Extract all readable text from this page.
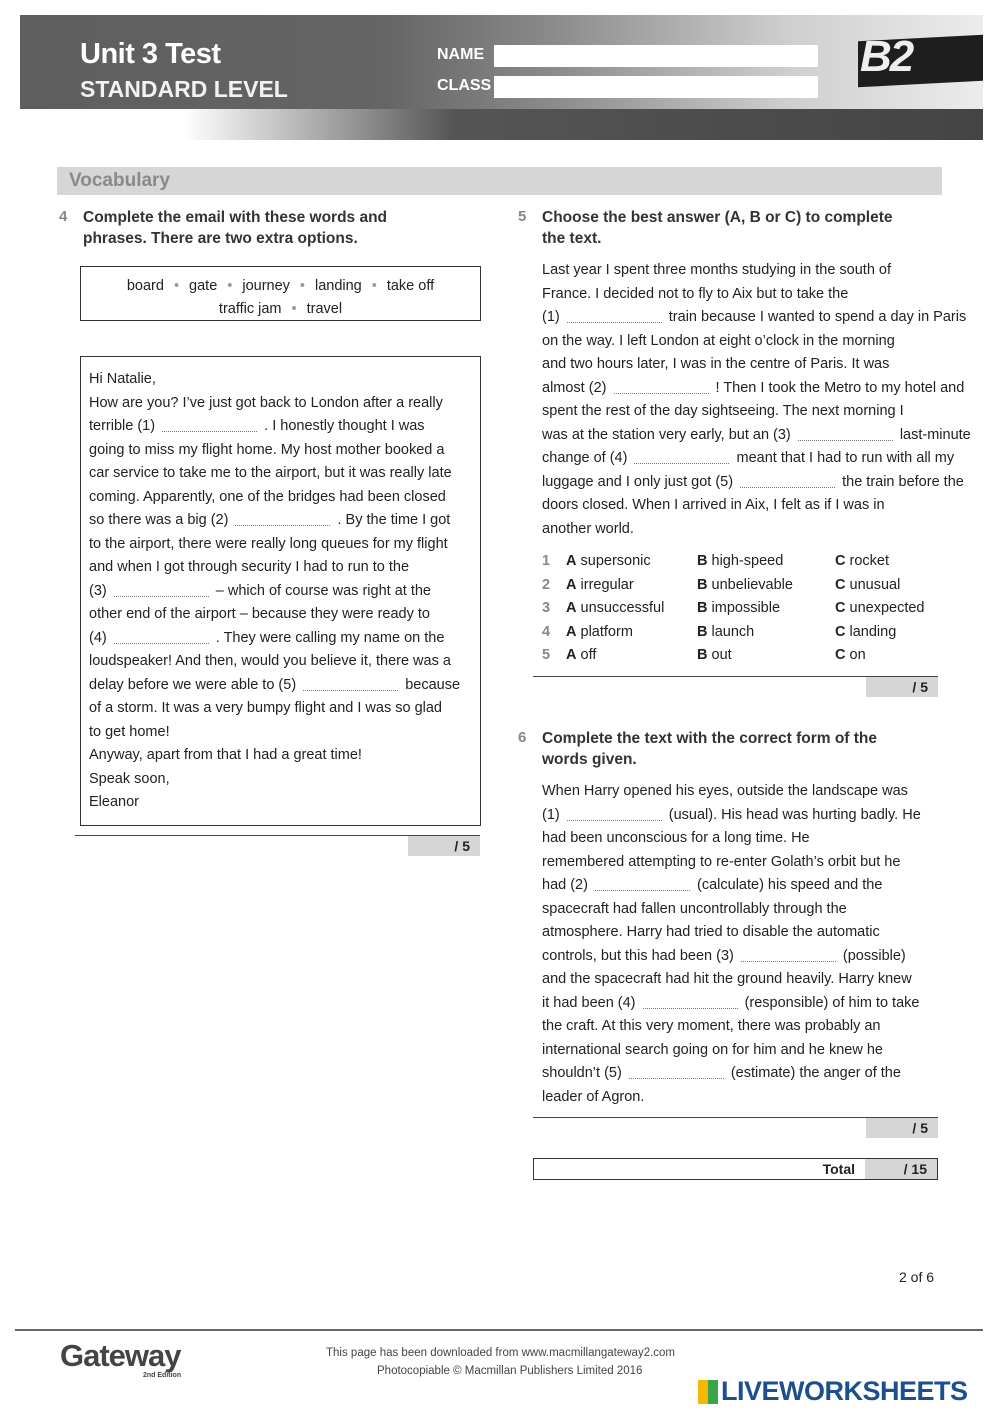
Unit 3 Test
STANDARD LEVEL
NAME
CLASS
B2
Vocabulary
4 Complete the email with these words and
phrases. There are two extra options.
board • gate • journey • landing • take off
traffic jam • travel
Hi Natalie,
How are you? I’ve just got back to London after a really
terrible (1)	. I honestly thought I was
going to miss my flight home. My host mother booked a
car service to take me to the airport, but it was really late
coming. Apparently, one of the bridges had been closed
so there was a big (2)	. By the time I got
to the airport, there were really long queues for my flight
and when I got through security I had to run to the
(3)	– which of course was right at the
other end of the airport – because they were ready to
(4)	. They were calling my name on the
loudspeaker! And then, would you believe it, there was a
delay before we were able to (5)	because
of a storm. It was a very bumpy flight and I was so glad
to get home!
Anyway, apart from that I had a great time!
Speak soon,
Eleanor
/ 5
5 Choose the best answer (A, B or C) to complete
the text.
1 A supersonic	B high-speed	C rocket
2 A irregular	B unbelievable	C unusual
3 A unsuccessful B impossible	C unexpected
4 A platform	B launch	C landing
5 A off	B out	C on
/ 5
6 Complete the text with the correct form of the
words given.
/ 5
Total	/ 15
2 of 6
Gateway
2nd Edition
This page has been downloaded from www.macmillangateway2.com
Photocopiable © Macmillan Publishers Limited 2016
LIVEWORKSHEETS
Last year I spent three months studying in the south of
France. I decided not to fly to Aix but to take the
(1)	train because I wanted to spend a day in Paris
on the way. I left London at eight o’clock in the morning
and two hours later, I was in the centre of Paris. It was
almost (2)	! Then I took the Metro to my hotel and
spent the rest of the day sightseeing. The next morning I
was at the station very early, but an (3)	last-minute
change of (4)	meant that I had to run with all my
luggage and I only just got (5)	the train before the
doors closed. When I arrived in Aix, I felt as if I was in
another world.
When Harry opened his eyes, outside the landscape was
(1)	(usual). His head was hurting badly. He
had been unconscious for a long time. He
remembered attempting to re-enter Golath’s orbit but he
had (2)	(calculate) his speed and the
spacecraft had fallen uncontrollably through the
atmosphere. Harry had tried to disable the automatic
controls, but this had been (3)	(possible)
and the spacecraft had hit the ground heavily. Harry knew
it had been (4)	(responsible) of him to take
the craft. At this very moment, there was probably an
international search going on for him and he knew he
shouldn’t (5)	(estimate) the anger of the
leader of Agron.
